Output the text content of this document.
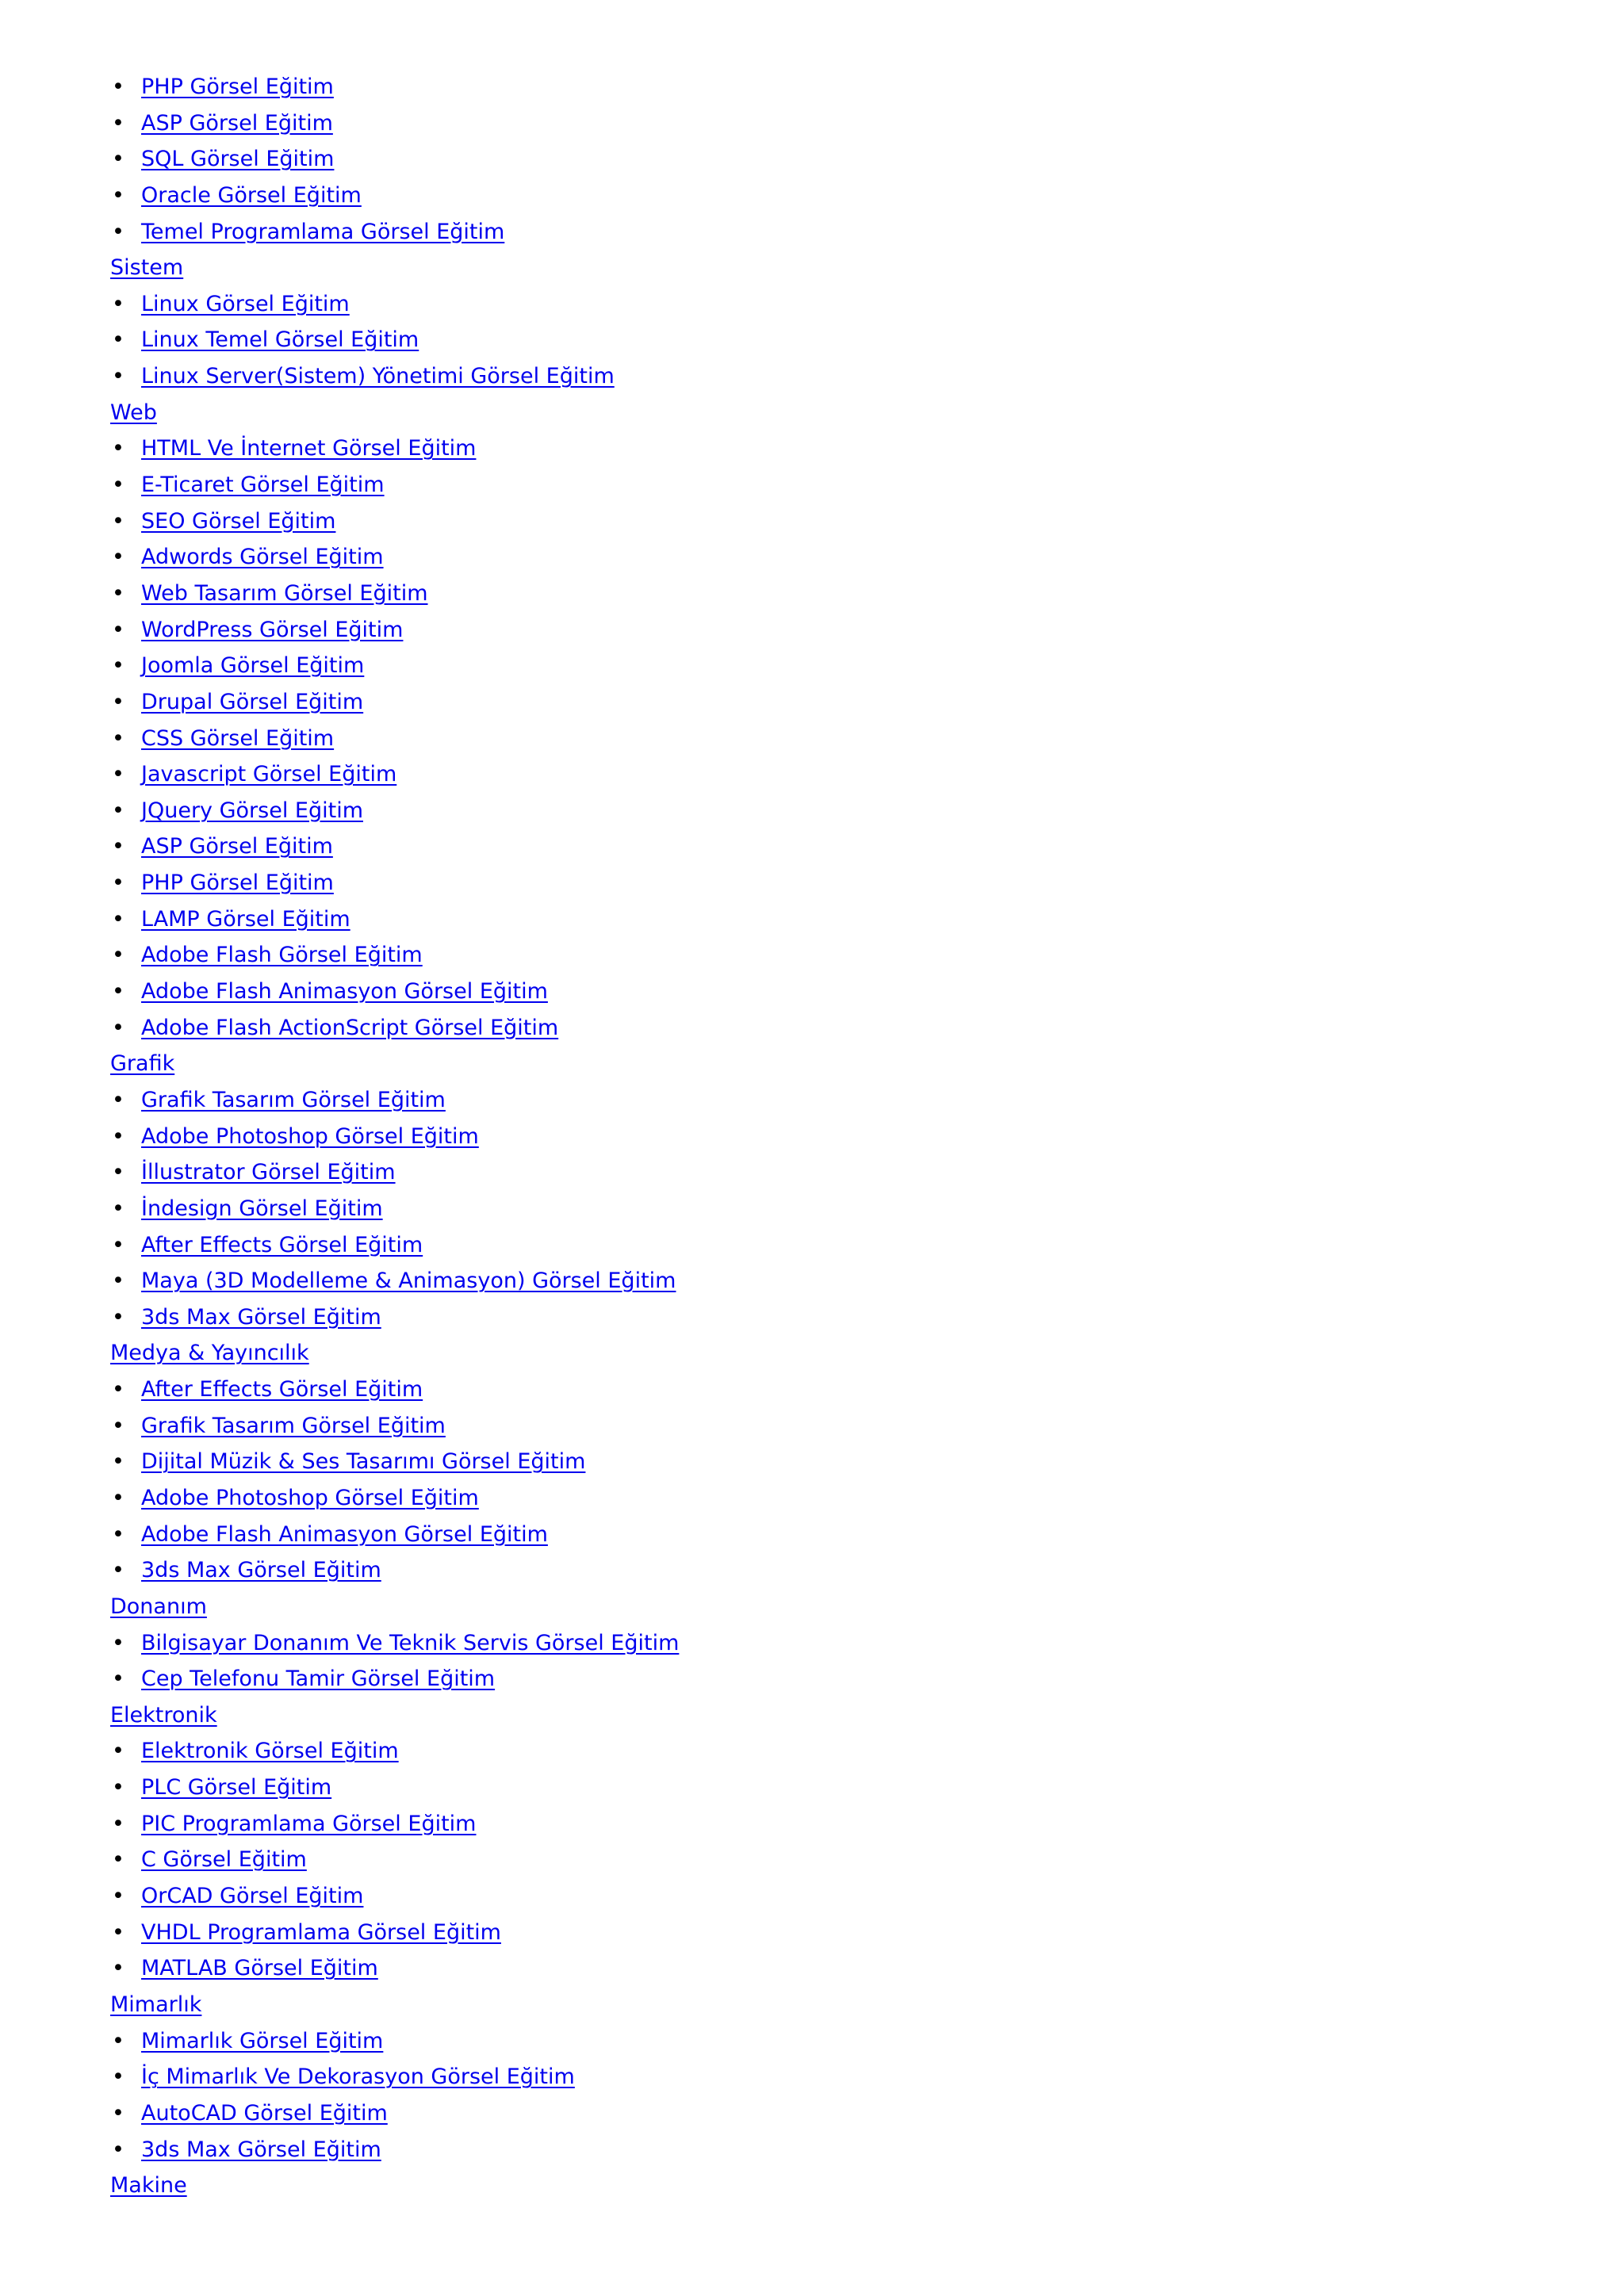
• PHP Görsel Eğitim
• ASP Görsel Eğitim
• SQL Görsel Eğitim
• Oracle Görsel Eğitim
• Temel Programlama Görsel Eğitim
Sistem
• Linux Görsel Eğitim
• Linux Temel Görsel Eğitim
• Linux Server(Sistem) Yönetimi Görsel Eğitim
Web
• HTML Ve İnternet Görsel Eğitim
• E-Ticaret Görsel Eğitim
• SEO Görsel Eğitim
• Adwords Görsel Eğitim
• Web Tasarım Görsel Eğitim
• WordPress Görsel Eğitim
• Joomla Görsel Eğitim
• Drupal Görsel Eğitim
• CSS Görsel Eğitim
• Javascript Görsel Eğitim
• JQuery Görsel Eğitim
• ASP Görsel Eğitim
• PHP Görsel Eğitim
• LAMP Görsel Eğitim
• Adobe Flash Görsel Eğitim
• Adobe Flash Animasyon Görsel Eğitim
• Adobe Flash ActionScript Görsel Eğitim
Grafik
• Grafik Tasarım Görsel Eğitim
• Adobe Photoshop Görsel Eğitim
• İllustrator Görsel Eğitim
• İndesign Görsel Eğitim
• After Effects Görsel Eğitim
• Maya (3D Modelleme & Animasyon) Görsel Eğitim
• 3ds Max Görsel Eğitim
Medya & Yayıncılık
• After Effects Görsel Eğitim
• Grafik Tasarım Görsel Eğitim
• Dijital Müzik & Ses Tasarımı Görsel Eğitim
• Adobe Photoshop Görsel Eğitim
• Adobe Flash Animasyon Görsel Eğitim
• 3ds Max Görsel Eğitim
Donanım
• Bilgisayar Donanım Ve Teknik Servis Görsel Eğitim
• Cep Telefonu Tamir Görsel Eğitim
Elektronik
• Elektronik Görsel Eğitim
• PLC Görsel Eğitim
• PIC Programlama Görsel Eğitim
• C Görsel Eğitim
• OrCAD Görsel Eğitim
• VHDL Programlama Görsel Eğitim
• MATLAB Görsel Eğitim
Mimarlık
• Mimarlık Görsel Eğitim
• İç Mimarlık Ve Dekorasyon Görsel Eğitim
• AutoCAD Görsel Eğitim
• 3ds Max Görsel Eğitim
Makine
